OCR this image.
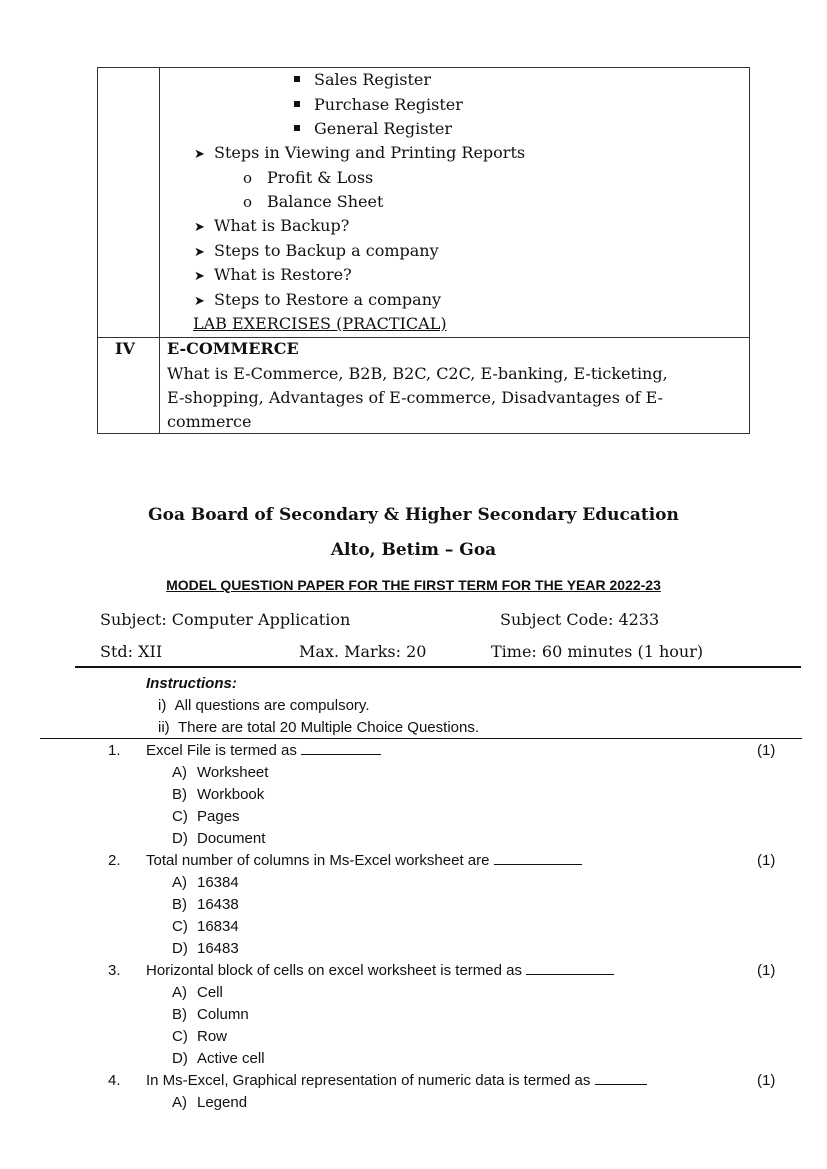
Sales Register
Purchase Register
General Register
➤ Steps in Viewing and Printing Reports
o Profit & Loss
o Balance Sheet
➤ What is Backup?
➤ Steps to Backup a company
➤ What is Restore?
➤ Steps to Restore a company
LAB EXERCISES (PRACTICAL)
IV E-COMMERCE
What is E-Commerce, B2B, B2C, C2C, E-banking, E-ticketing,
E-shopping, Advantages of E-commerce, Disadvantages of E-
commerce
Goa Board of Secondary & Higher Secondary Education
Alto, Betim – Goa
MODEL QUESTION PAPER FOR THE FIRST TERM FOR THE YEAR 2022-23
Subject: Computer Application	Subject Code: 4233
Std: XII	Max. Marks: 20	Time: 60 minutes (1 hour)
Instructions:
i) All questions are compulsory.
ii) There are total 20 Multiple Choice Questions.
1. Excel File is termed as	(1)
A) Worksheet
B) Workbook
C) Pages
D) Document
2. Total number of columns in Ms-Excel worksheet are	(1)
A) 16384
B) 16438
C) 16834
D) 16483
3. Horizontal block of cells on excel worksheet is termed as	(1)
A) Cell
B) Column
C) Row
D) Active cell
4. In Ms-Excel, Graphical representation of numeric data is termed as	(1)
A) Legend
